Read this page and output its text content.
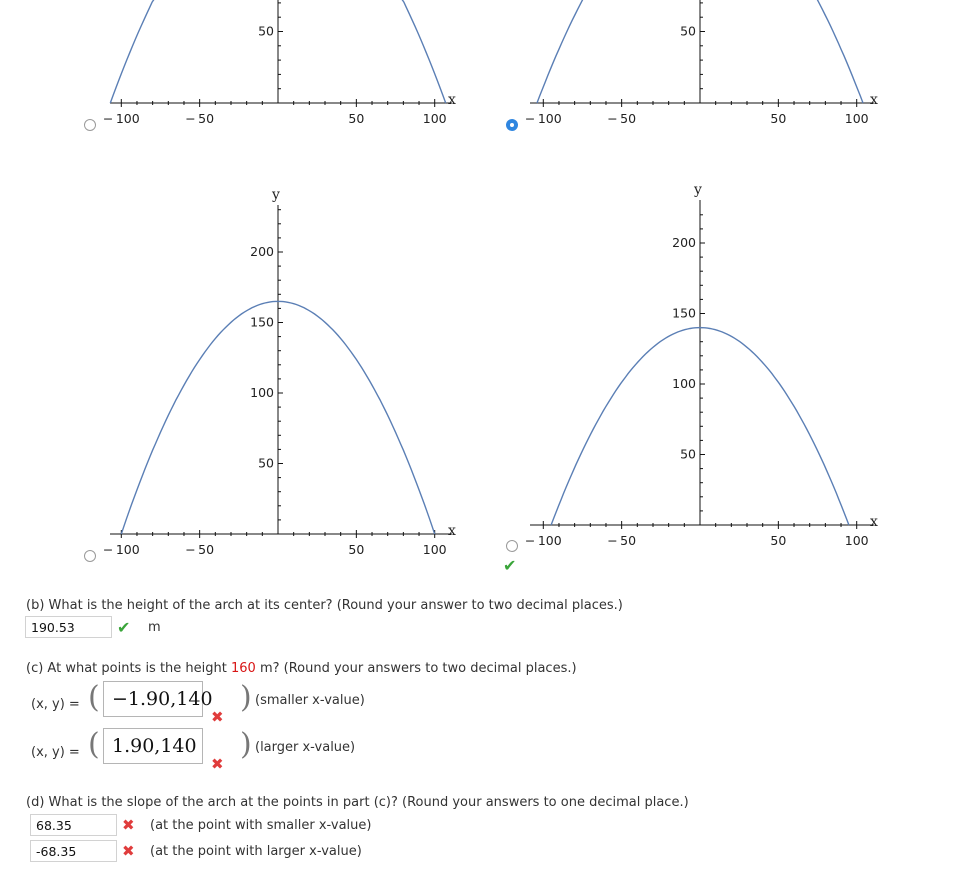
− 100	− 50	50	100
50
x
− 100	− 50	50	100
50
x
− 100	− 50	50	100
50
100
150
200
x
y
− 100	− 50	50	100
50
100
150
200
x
y
✔
(b) What is the height of the arch at its center? (Round your answer to two decimal places.)
190.53	✔ m
(c) At what points is the height 160 m? (Round your answers to two decimal places.)
(x, y) = ( −1.90,140 ) (smaller x-value)
✖
(x, y) = ( 1.90,140 ) (larger x-value)
✖
(d) What is the slope of the arch at the points in part (c)? (Round your answers to one decimal place.)
68.35	✖ (at the point with smaller x-value)
-68.35	✖ (at the point with larger x-value)
